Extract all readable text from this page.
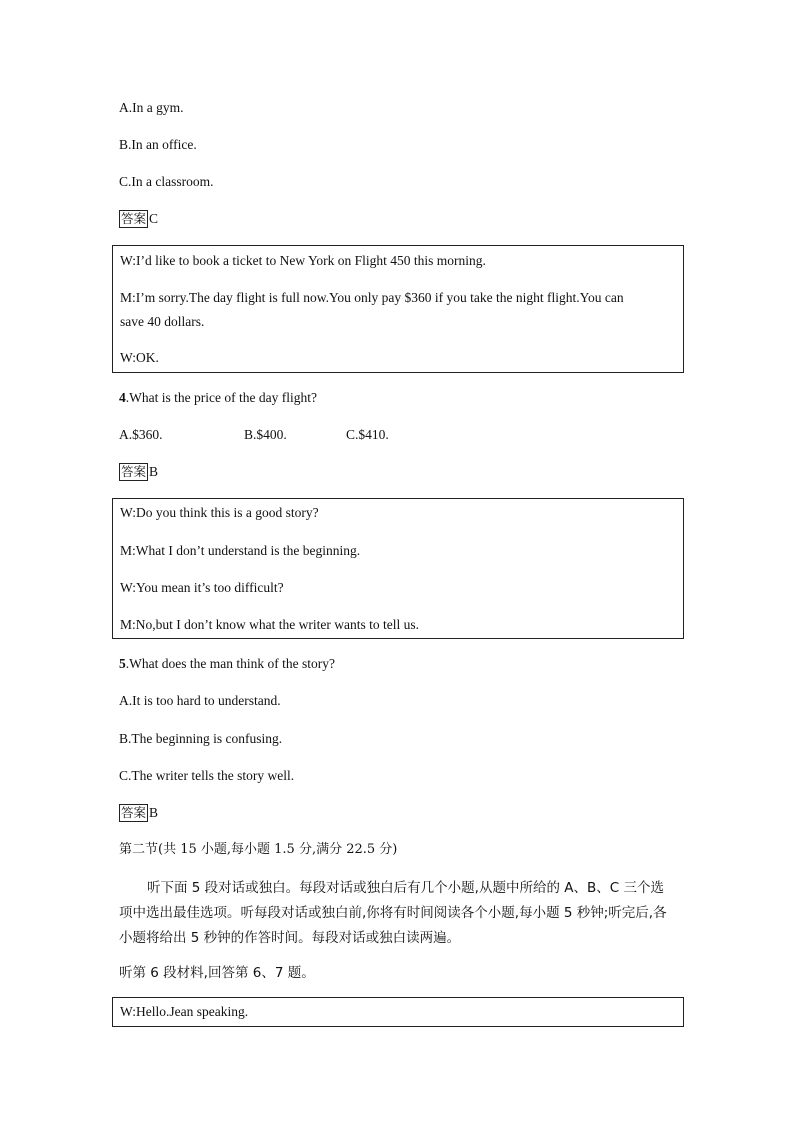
A.In a gym.
B.In an office.
C.In a classroom.
答案 C
W:I’d like to book a ticket to New York on Flight 450 this morning.
M:I’m sorry.The day flight is full now.You only pay $360 if you take the night flight.You can
save 40 dollars.
W:OK.
4.What is the price of the day flight?
A.$360.	B.$400.	C.$410.
答案 B
W:Do you think this is a good story?
M:What I don’t understand is the beginning.
W:You mean it’s too difficult?
M:No,but I don’t know what the writer wants to tell us.
5.What does the man think of the story?
A.It is too hard to understand.
B.The beginning is confusing.
C.The writer tells the story well.
答案 B
第二节(共 15 小题,每小题 1.5 分,满分 22.5 分)
听下面 5 段对话或独白。每段对话或独白后有几个小题,从题中所给的 A、B、C 三个选项中选出最佳选项。听每段对话或独白前,你将有时间阅读各个小题,每小题 5 秒钟;听完后,各小题将给出 5 秒钟的作答时间。每段对话或独白读两遍。
听第 6 段材料,回答第 6、7 题。
W:Hello.Jean speaking.
